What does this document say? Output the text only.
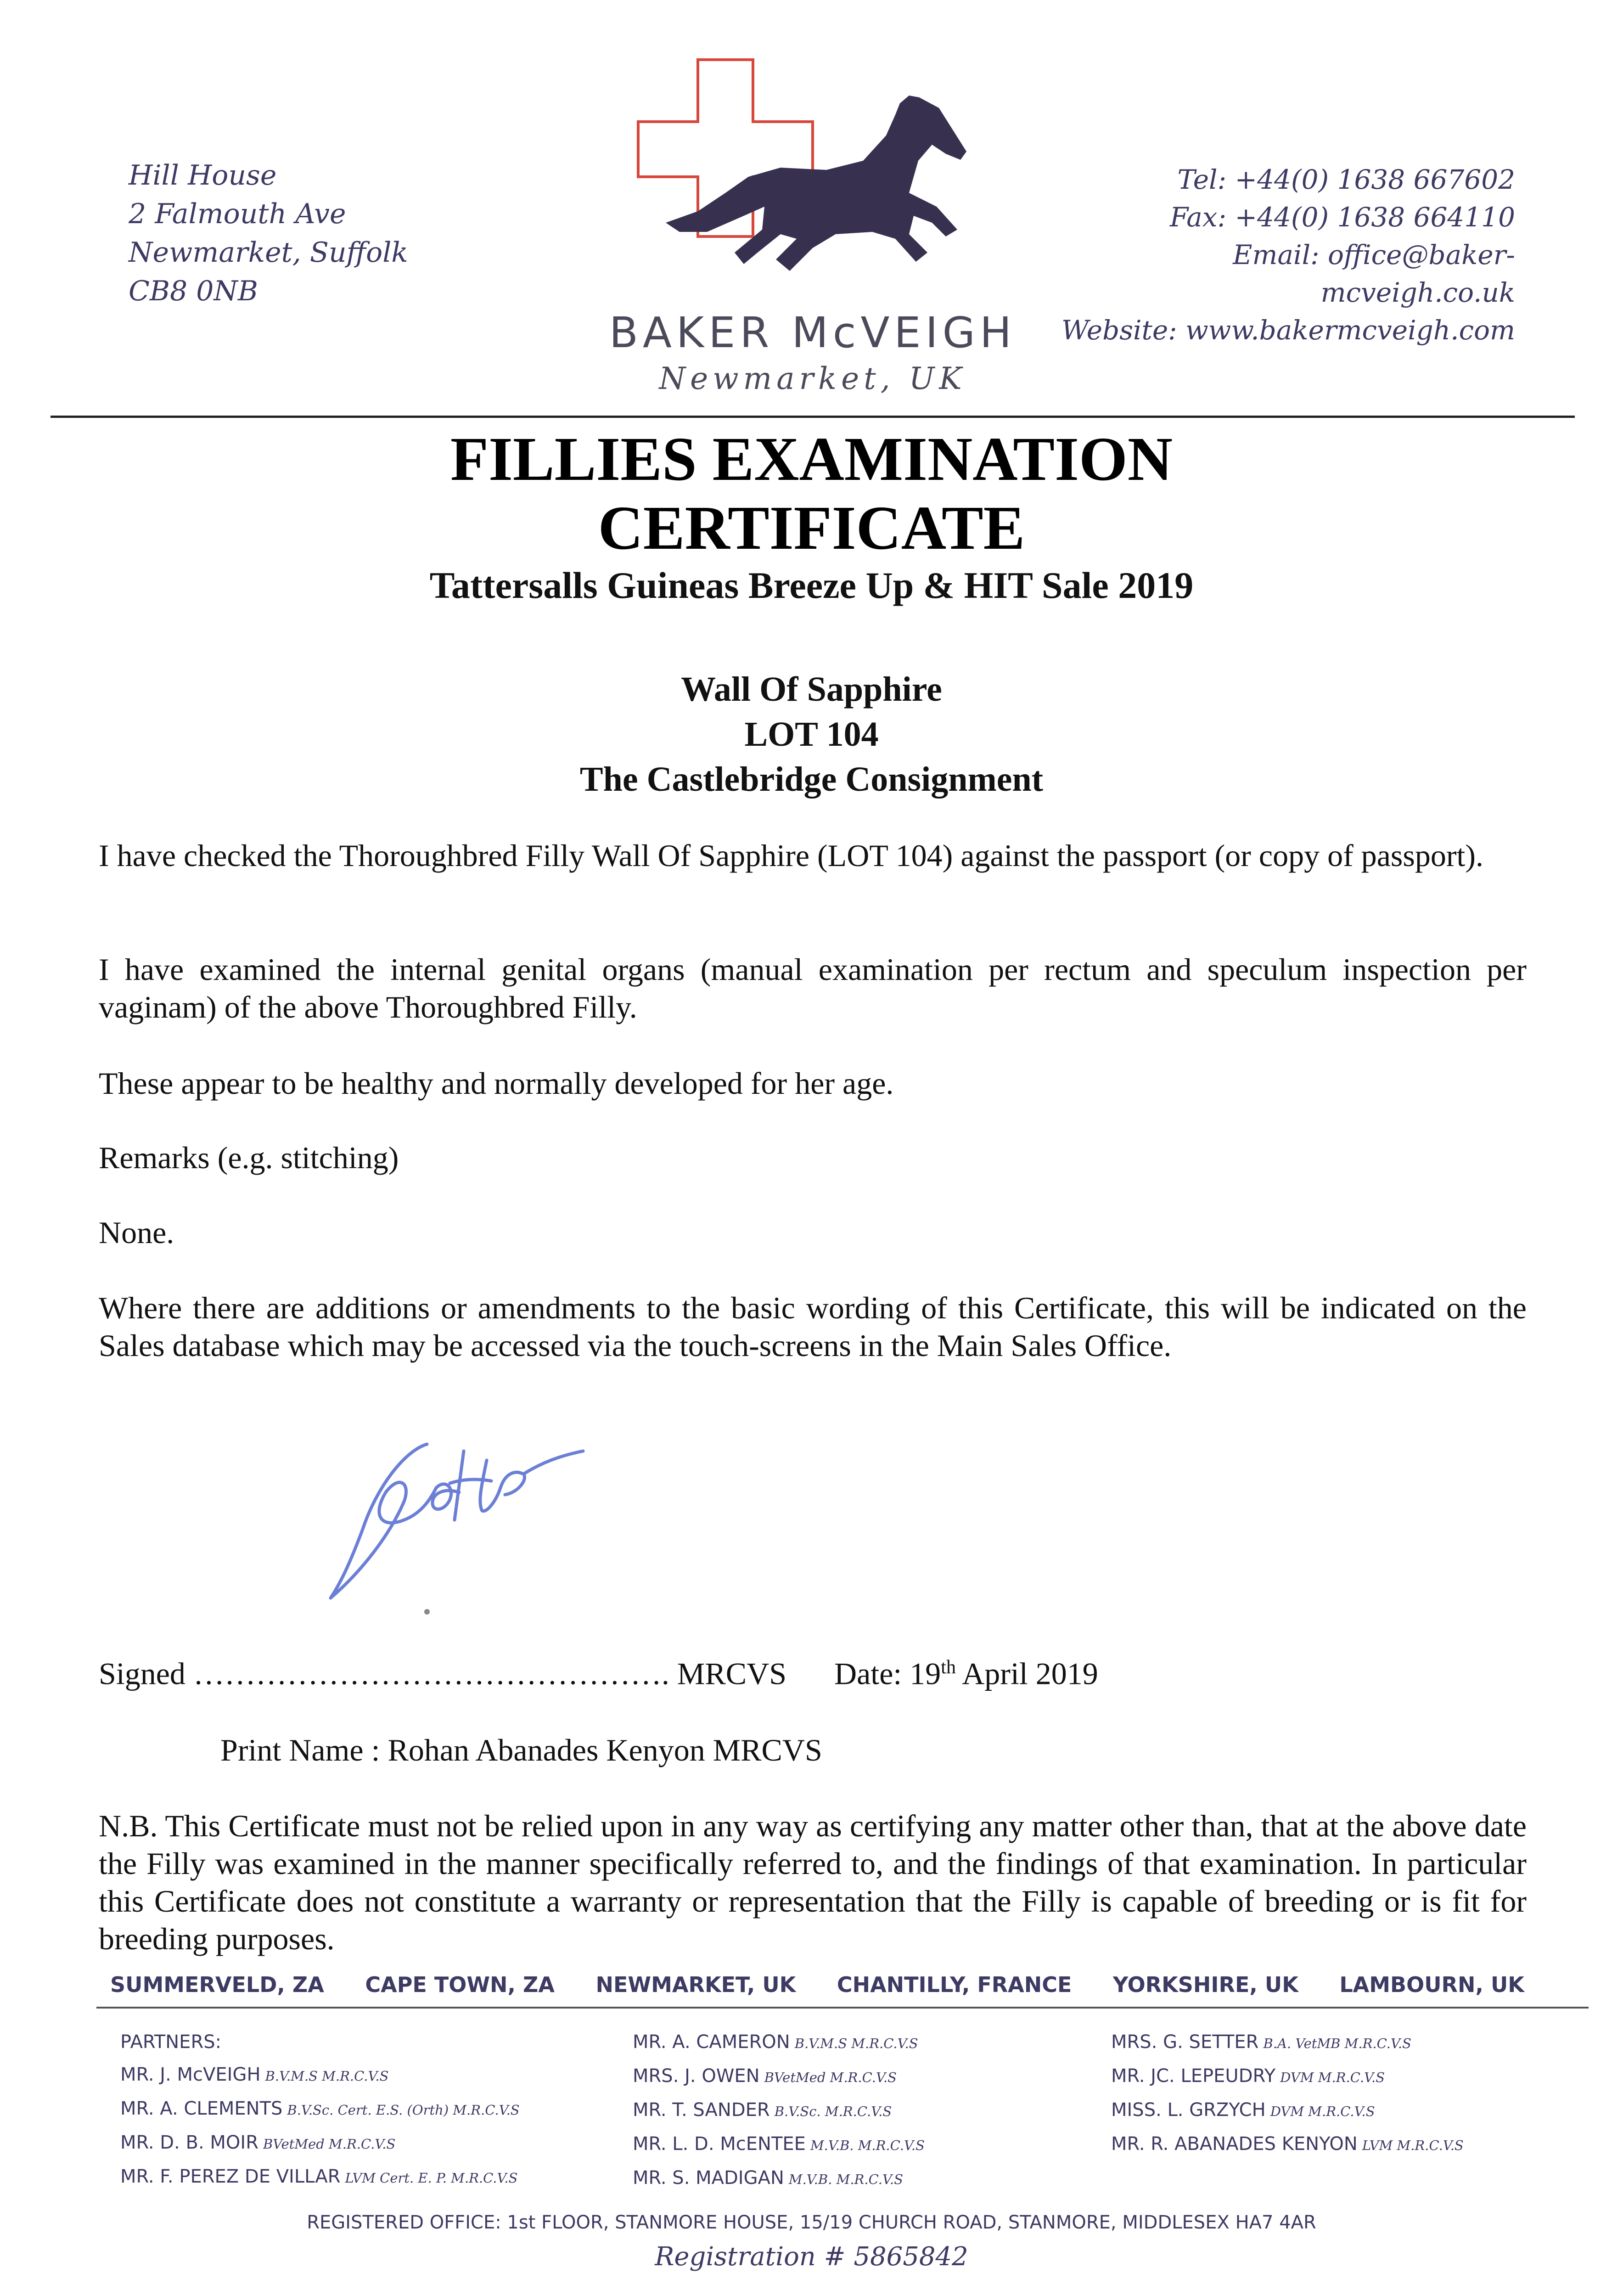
Hill House
2 Falmouth Ave
Newmarket, Suffolk
CB8 0NB
BAKER McVEIGH
Newmarket, UK
Tel: +44(0) 1638 667602
Fax: +44(0) 1638 664110
Email: office@baker-mcveigh.co.uk
Website: www.bakermcveigh.com
FILLIES EXAMINATION
CERTIFICATE
Tattersalls Guineas Breeze Up & HIT Sale 2019
Wall Of Sapphire
LOT 104
The Castlebridge Consignment
I have checked the Thoroughbred Filly Wall Of Sapphire (LOT 104) against the passport (or copy of passport).
I have examined the internal genital organs (manual examination per rectum and speculum inspection per vaginam) of the above Thoroughbred Filly.
These appear to be healthy and normally developed for her age.
Remarks (e.g. stitching)
None.
Where there are additions or amendments to the basic wording of this Certificate, this will be indicated on the Sales database which may be accessed via the touch-screens in the Main Sales Office.
Signed ………………………………………. MRCVS Date: 19th April 2019
Print Name : Rohan Abanades Kenyon MRCVS
N.B. This Certificate must not be relied upon in any way as certifying any matter other than, that at the above date the Filly was examined in the manner specifically referred to, and the findings of that examination. In particular this Certificate does not constitute a warranty or representation that the Filly is capable of breeding or is fit for breeding purposes.
SUMMERVELD, ZA CAPE TOWN, ZA NEWMARKET, UK CHANTILLY, FRANCE YORKSHIRE, UK LAMBOURN, UK
PARTNERS:
MR. J. McVEIGH B.V.M.S M.R.C.V.S
MR. A. CLEMENTS B.V.Sc. Cert. E.S. (Orth) M.R.C.V.S
MR. D. B. MOIR BVetMed M.R.C.V.S
MR. F. PEREZ DE VILLAR LVM Cert. E. P. M.R.C.V.S
MR. A. CAMERON B.V.M.S M.R.C.V.S
MRS. J. OWEN BVetMed M.R.C.V.S
MR. T. SANDER B.V.Sc. M.R.C.V.S
MR. L. D. McENTEE M.V.B. M.R.C.V.S
MR. S. MADIGAN M.V.B. M.R.C.V.S
MRS. G. SETTER B.A. VetMB M.R.C.V.S
MR. JC. LEPEUDRY DVM M.R.C.V.S
MISS. L. GRZYCH DVM M.R.C.V.S
MR. R. ABANADES KENYON LVM M.R.C.V.S
REGISTERED OFFICE: 1st FLOOR, STANMORE HOUSE, 15/19 CHURCH ROAD, STANMORE, MIDDLESEX HA7 4AR
Registration # 5865842
